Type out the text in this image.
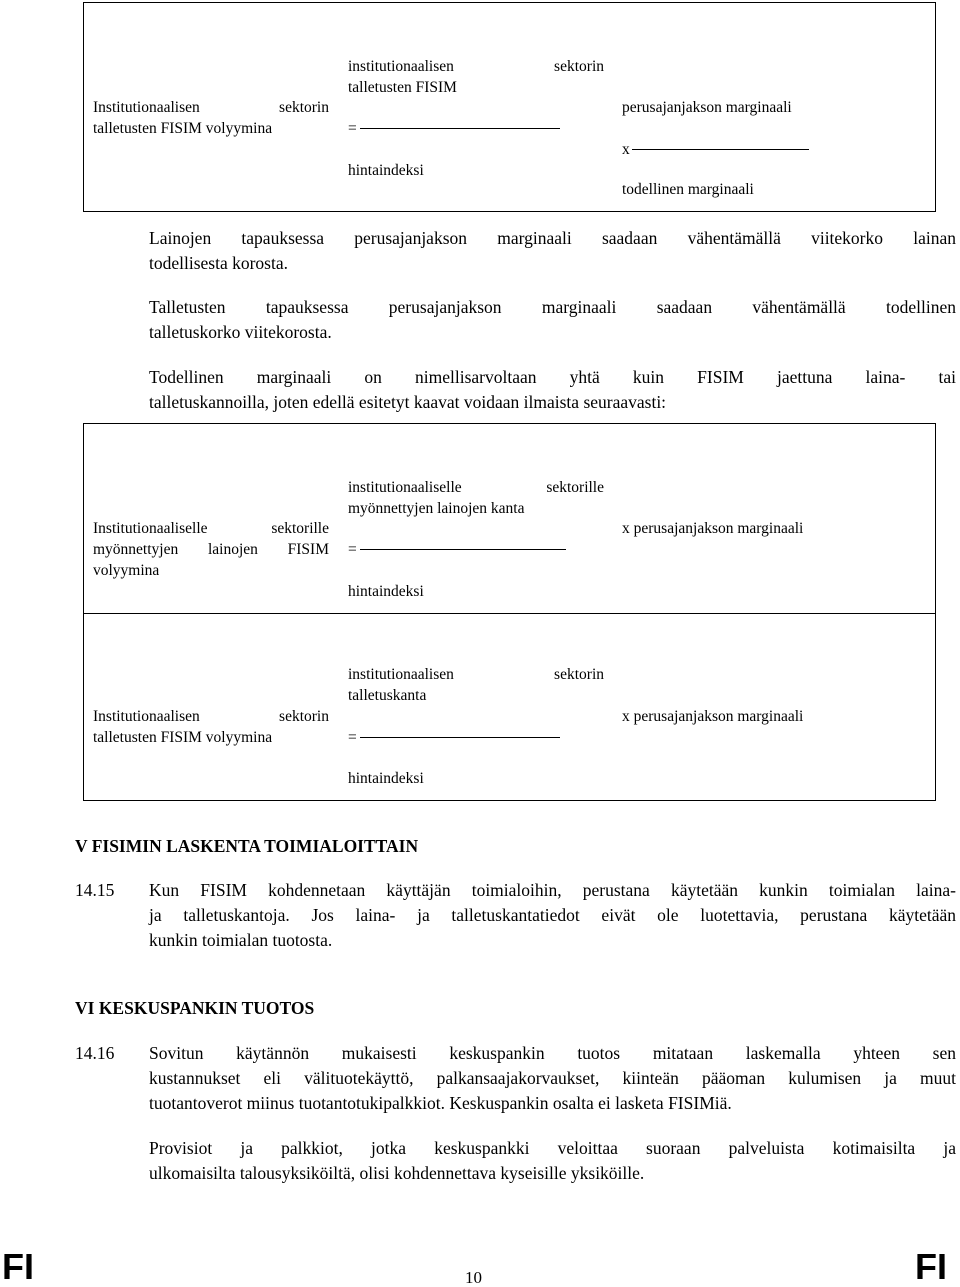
Institutionaalisen sektorin
talletusten FISIM volyymina
institutionaalisen sektorin
talletusten FISIM
=
hintaindeksi
perusajanjakson marginaali
x
todellinen marginaali
Lainojen tapauksessa perusajanjakson marginaali saadaan vähentämällä viitekorko lainan
todellisesta korosta.
Talletusten tapauksessa perusajanjakson marginaali saadaan vähentämällä todellinen
talletuskorko viitekorosta.
Todellinen marginaali on nimellisarvoltaan yhtä kuin FISIM jaettuna laina- tai
talletuskannoilla, joten edellä esitetyt kaavat voidaan ilmaista seuraavasti:
Institutionaaliselle sektorille
myönnettyjen lainojen FISIM
volyymina
institutionaaliselle sektorille
myönnettyjen lainojen kanta
=
hintaindeksi
x perusajanjakson marginaali
Institutionaalisen sektorin
talletusten FISIM volyymina
institutionaalisen sektorin
talletuskanta
=
hintaindeksi
x perusajanjakson marginaali
V FISIMIN LASKENTA TOIMIALOITTAIN
14.15 Kun FISIM kohdennetaan käyttäjän toimialoihin, perustana käytetään kunkin toimialan laina-
ja talletuskantoja. Jos laina- ja talletuskantatiedot eivät ole luotettavia, perustana käytetään
kunkin toimialan tuotosta.
VI KESKUSPANKIN TUOTOS
14.16 Sovitun käytännön mukaisesti keskuspankin tuotos mitataan laskemalla yhteen sen
kustannukset eli välituotekäyttö, palkansaajakorvaukset, kiinteän pääoman kulumisen ja muut
tuotantoverot miinus tuotantotukipalkkiot. Keskuspankin osalta ei lasketa FISIMiä.
Provisiot ja palkkiot, jotka keskuspankki veloittaa suoraan palveluista kotimaisilta ja
ulkomaisilta talousyksiköiltä, olisi kohdennettava kyseisille yksiköille.
FI	10	FI
